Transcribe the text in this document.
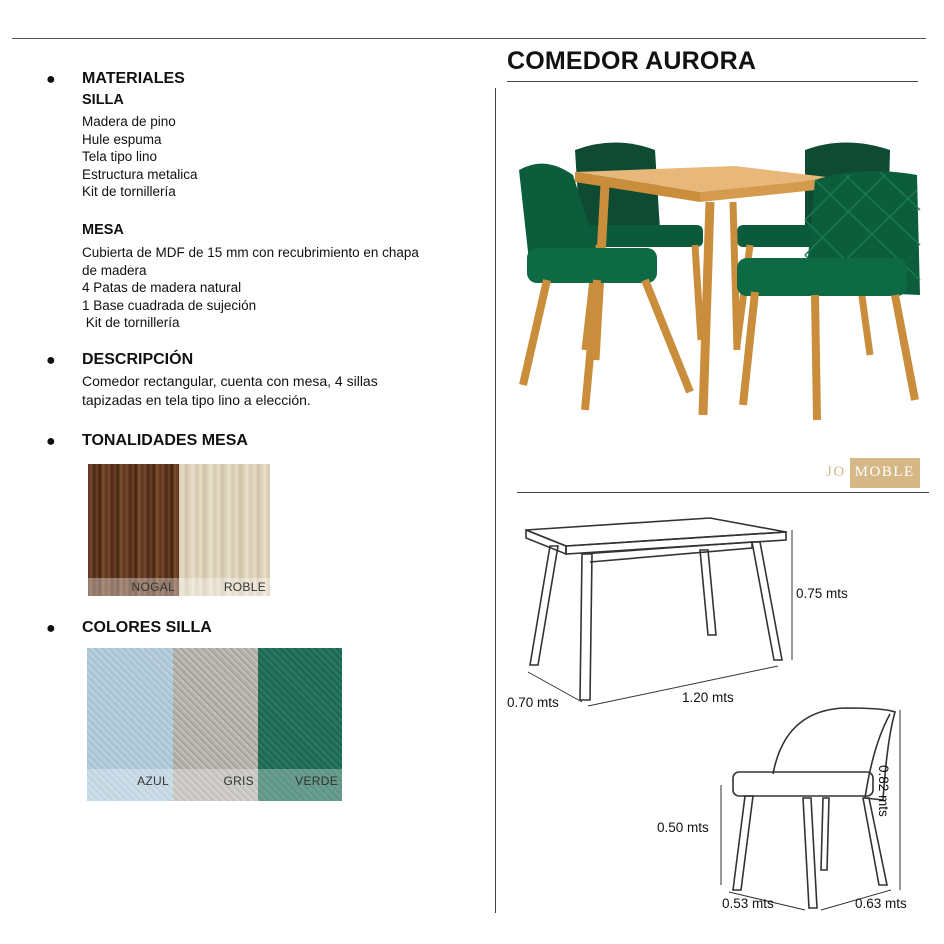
● MATERIALES
SILLA
Madera de pino
Hule espuma
Tela tipo lino
Estructura metalica
Kit de tornillería
MESA
Cubierta de MDF de 15 mm con recubrimiento en chapa
de madera
4 Patas de madera natural
1 Base cuadrada de sujeción
Kit de tornillería
● DESCRIPCIÓN
Comedor rectangular, cuenta con mesa, 4 sillas
tapizadas en tela tipo lino a elección.
● TONALIDADES MESA
NOGAL	ROBLE
● COLORES SILLA
AZUL	GRIS	VERDE
COMEDOR AURORA
JO MOBLE
0.75 mts
0.70 mts	1.20 mts
0.82 mts
0.50 mts
0.53 mts	0.63 mts
